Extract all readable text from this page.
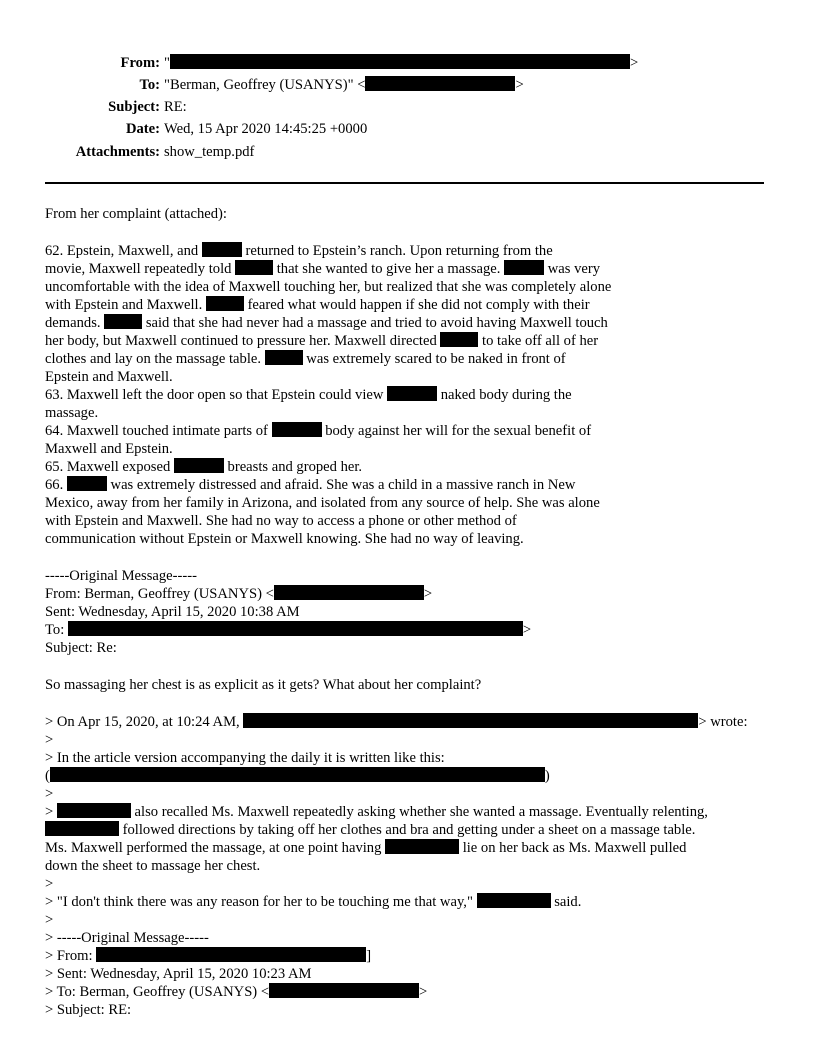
From: "	>
To: "Berman, Geoffrey (USANYS)" <	>
Subject: RE:
Date: Wed, 15 Apr 2020 14:45:25 +0000
Attachments: show_temp.pdf
From her complaint (attached):
62. Epstein, Maxwell, and	returned to Epstein’s ranch. Upon returning from the
movie, Maxwell repeatedly told	that she wanted to give her a massage.	was very
uncomfortable with the idea of Maxwell touching her, but realized that she was completely alone
with Epstein and Maxwell.	feared what would happen if she did not comply with their
demands.	said that she had never had a massage and tried to avoid having Maxwell touch
her body, but Maxwell continued to pressure her. Maxwell directed	to take off all of her
clothes and lay on the massage table.	was extremely scared to be naked in front of
Epstein and Maxwell.
63. Maxwell left the door open so that Epstein could view	naked body during the
massage.
64. Maxwell touched intimate parts of	body against her will for the sexual benefit of
Maxwell and Epstein.
65. Maxwell exposed	breasts and groped her.
66.	was extremely distressed and afraid. She was a child in a massive ranch in New
Mexico, away from her family in Arizona, and isolated from any source of help. She was alone
with Epstein and Maxwell. She had no way to access a phone or other method of
communication without Epstein or Maxwell knowing. She had no way of leaving.
-----Original Message-----
From: Berman, Geoffrey (USANYS) <	>
Sent: Wednesday, April 15, 2020 10:38 AM
To:	>
Subject: Re:
So massaging her chest is as explicit as it gets? What about her complaint?
> On Apr 15, 2020, at 10:24 AM,	> wrote:
>
> In the article version accompanying the daily it is written like this:
(	)
>
>	also recalled Ms. Maxwell repeatedly asking whether she wanted a massage. Eventually relenting,
followed directions by taking off her clothes and bra and getting under a sheet on a massage table.
Ms. Maxwell performed the massage, at one point having	lie on her back as Ms. Maxwell pulled
down the sheet to massage her chest.
>
> "I don't think there was any reason for her to be touching me that way,"	said.
>
> -----Original Message-----
> From:	]
> Sent: Wednesday, April 15, 2020 10:23 AM
> To: Berman, Geoffrey (USANYS) <	>
> Subject: RE:
